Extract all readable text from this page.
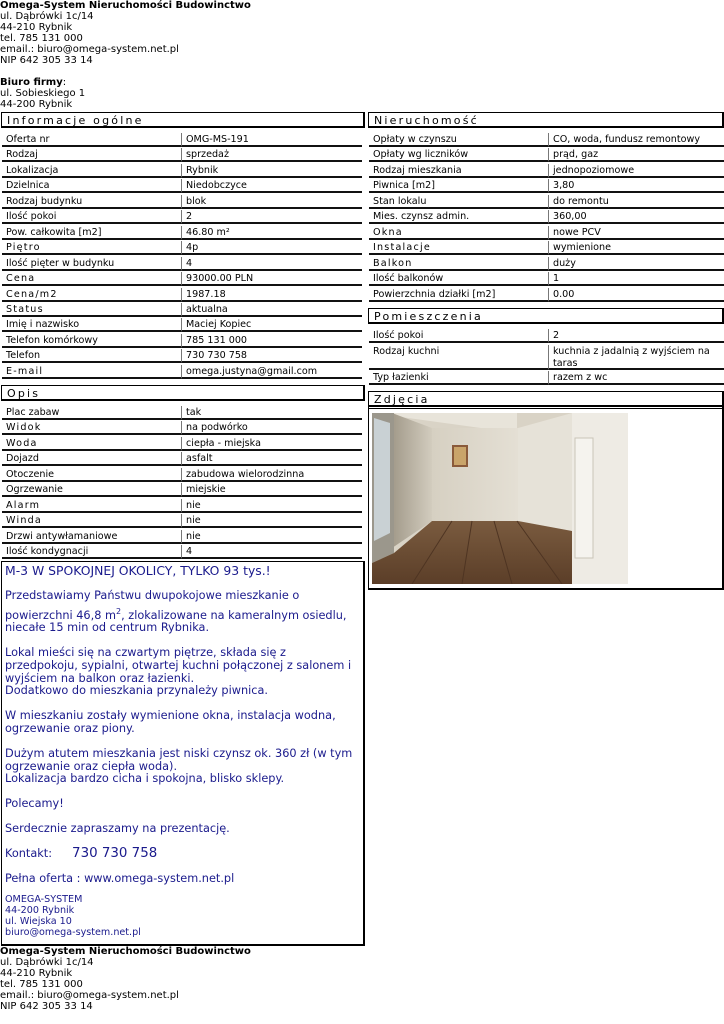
Omega-System Nieruchomości Budowinctwo
ul. Dąbrówki 1c/14
44-210 Rybnik
tel. 785 131 000
email.: biuro@omega-system.net.pl
NIP 642 305 33 14
Biuro firmy:
ul. Sobieskiego 1
44-200 Rybnik
Informacje ogólne
Oferta nr	OMG-MS-191
Rodzaj	sprzedaż
Lokalizacja	Rybnik
Dzielnica	Niedobczyce
Rodzaj budynku	blok
Ilość pokoi	2
Pow. całkowita [m2]	46.80 m²
Piętro	4p
Ilość pięter w budynku	4
Cena	93000.00 PLN
Cena/m2	1987.18
Status	aktualna
Imię i nazwisko	Maciej Kopiec
Telefon komórkowy	785 131 000
Telefon	730 730 758
E-mail	omega.justyna@gmail.com
Opis
Plac zabaw	tak
Widok	na podwórko
Woda	ciepła - miejska
Dojazd	asfalt
Otoczenie	zabudowa wielorodzinna
Ogrzewanie	miejskie
Alarm	nie
Winda	nie
Drzwi antywłamaniowe	nie
Ilość kondygnacji	4

M-3 W SPOKOJNEJ OKOLICY, TYLKO 93 tys.!

Przedstawiamy Państwu dwupokojowe mieszkanie o

powierzchni 46,8 $m^2$, zlokalizowane na kameralnym osiedlu,

niecałe 15 min od centrum Rybnika.

Lokal mieści się na czwartym piętrze, składa się z

przedpokoju, sypialni, otwartej kuchni połączonej z salonem i

wyjściem na balkon oraz łazienki.

Dodatkowo do mieszkania przynależy piwnica.

W mieszkaniu zostały wymienione okna, instalacja wodna,

ogrzewanie oraz piony.

Dużym atutem mieszkania jest niski czynsz ok. 360 zł (w tym

ogrzewanie oraz ciepła woda).

Lokalizacja bardzo cicha i spokojna, blisko sklepy.

Polecamy!

Serdecznie zapraszamy na prezentację.

Kontakt: 730 730 758

Pełna oferta : www.omega-system.net.pl

OMEGA-SYSTEM
44-200 Rybnik
ul. Wiejska 10
biuro@omega-system.net.pl
Nieruchomość
Opłaty w czynszu	CO, woda, fundusz remontowy
Opłaty wg liczników	prąd, gaz
Rodzaj mieszkania	jednopoziomowe
Piwnica [m2]	3,80
Stan lokalu	do remontu
Mies. czynsz admin.	360,00
Okna	nowe PCV
Instalacje	wymienione
Balkon	duży
Ilość balkonów	1
Powierzchnia działki [m2]	0.00
Pomieszczenia
Ilość pokoi	2
Rodzaj kuchni	kuchnia z jadalnią z wyjściem na
taras
Typ łazienki	razem z wc
Zdjęcia
Omega-System Nieruchomości Budowinctwo
ul. Dąbrówki 1c/14
44-210 Rybnik
tel. 785 131 000
email.: biuro@omega-system.net.pl
NIP 642 305 33 14
